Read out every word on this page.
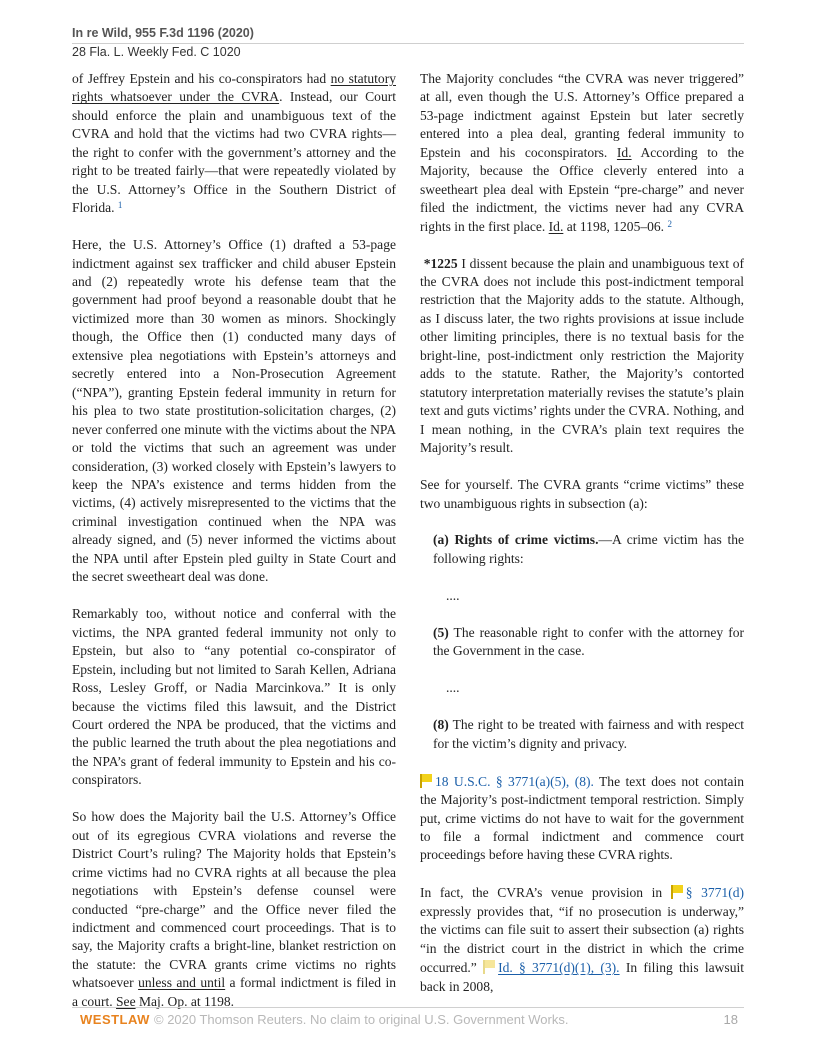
In re Wild, 955 F.3d 1196 (2020)
28 Fla. L. Weekly Fed. C 1020

of Jeffrey Epstein and his co-conspirators had no statutory rights whatsoever under the CVRA. Instead, our Court should enforce the plain and unambiguous text of the CVRA and hold that the victims had two CVRA rights—the right to confer with the government’s attorney and the right to be treated fairly—that were repeatedly violated by the U.S. Attorney’s Office in the Southern District of Florida. $^1$

Here, the U.S. Attorney’s Office (1) drafted a 53-page indictment against sex trafficker and child abuser Epstein and (2) repeatedly wrote his defense team that the government had proof beyond a reasonable doubt that he victimized more than 30 women as minors. Shockingly though, the Office then (1) conducted many days of extensive plea negotiations with Epstein’s attorneys and secretly entered into a Non-Prosecution Agreement (“NPA”), granting Epstein federal immunity in return for his plea to two state prostitution-solicitation charges, (2) never conferred one minute with the victims about the NPA or told the victims that such an agreement was under consideration, (3) worked closely with Epstein’s lawyers to keep the NPA’s existence and terms hidden from the victims, (4) actively misrepresented to the victims that the criminal investigation continued when the NPA was already signed, and (5) never informed the victims about the NPA until after Epstein pled guilty in State Court and the secret sweetheart deal was done.

Remarkably too, without notice and conferral with the victims, the NPA granted federal immunity not only to Epstein, but also to “any potential co-conspirator of Epstein, including but not limited to Sarah Kellen, Adriana Ross, Lesley Groff, or Nadia Marcinkova.” It is only because the victims filed this lawsuit, and the District Court ordered the NPA be produced, that the victims and the public learned the truth about the plea negotiations and the NPA’s grant of federal immunity to Epstein and his co-conspirators.

So how does the Majority bail the U.S. Attorney’s Office out of its egregious CVRA violations and reverse the District Court’s ruling? The Majority holds that Epstein’s crime victims had no CVRA rights at all because the plea negotiations with Epstein’s defense counsel were conducted “pre-charge” and the Office never filed the indictment and commenced court proceedings. That is to say, the Majority crafts a bright-line, blanket restriction on the statute: the CVRA grants crime victims no rights whatsoever unless and until a formal indictment is filed in a court. See Maj. Op. at 1198.

The Majority concludes “the CVRA was never triggered” at all, even though the U.S. Attorney’s Office prepared a 53-page indictment against Epstein but later secretly entered into a plea deal, granting federal immunity to Epstein and his coconspirators. Id. According to the Majority, because the Office cleverly entered into a sweetheart plea deal with Epstein “pre-charge” and never filed the indictment, the victims never had any CVRA rights in the first place. Id. at 1198, 1205–06. $^2$

*1225 I dissent because the plain and unambiguous text of the CVRA does not include this post-indictment temporal restriction that the Majority adds to the statute. Although, as I discuss later, the two rights provisions at issue include other limiting principles, there is no textual basis for the bright-line, post-indictment only restriction the Majority adds to the statute. Rather, the Majority’s contorted statutory interpretation materially revises the statute’s plain text and guts victims’ rights under the CVRA. Nothing, and I mean nothing, in the CVRA’s plain text requires the Majority’s result.

See for yourself. The CVRA grants “crime victims” these two unambiguous rights in subsection (a):

(a) Rights of crime victims.—A crime victim has the following rights:

....

(5) The reasonable right to confer with the attorney for the Government in the case.

....

(8) The right to be treated with fairness and with respect for the victim’s dignity and privacy.

18 U.S.C. § 3771(a)(5), (8). The text does not contain the Majority’s post-indictment temporal restriction. Simply put, crime victims do not have to wait for the government to file a formal indictment and commence court proceedings before having these CVRA rights.

In fact, the CVRA’s venue provision in § 3771(d) expressly provides that, “if no prosecution is underway,” the victims can file suit to assert their subsection (a) rights “in the district court in the district in which the crime occurred.” Id. § 3771(d)(1), (3). In filing this lawsuit back in 2008,

WESTLAW © 2020 Thomson Reuters. No claim to original U.S. Government Works.	18
